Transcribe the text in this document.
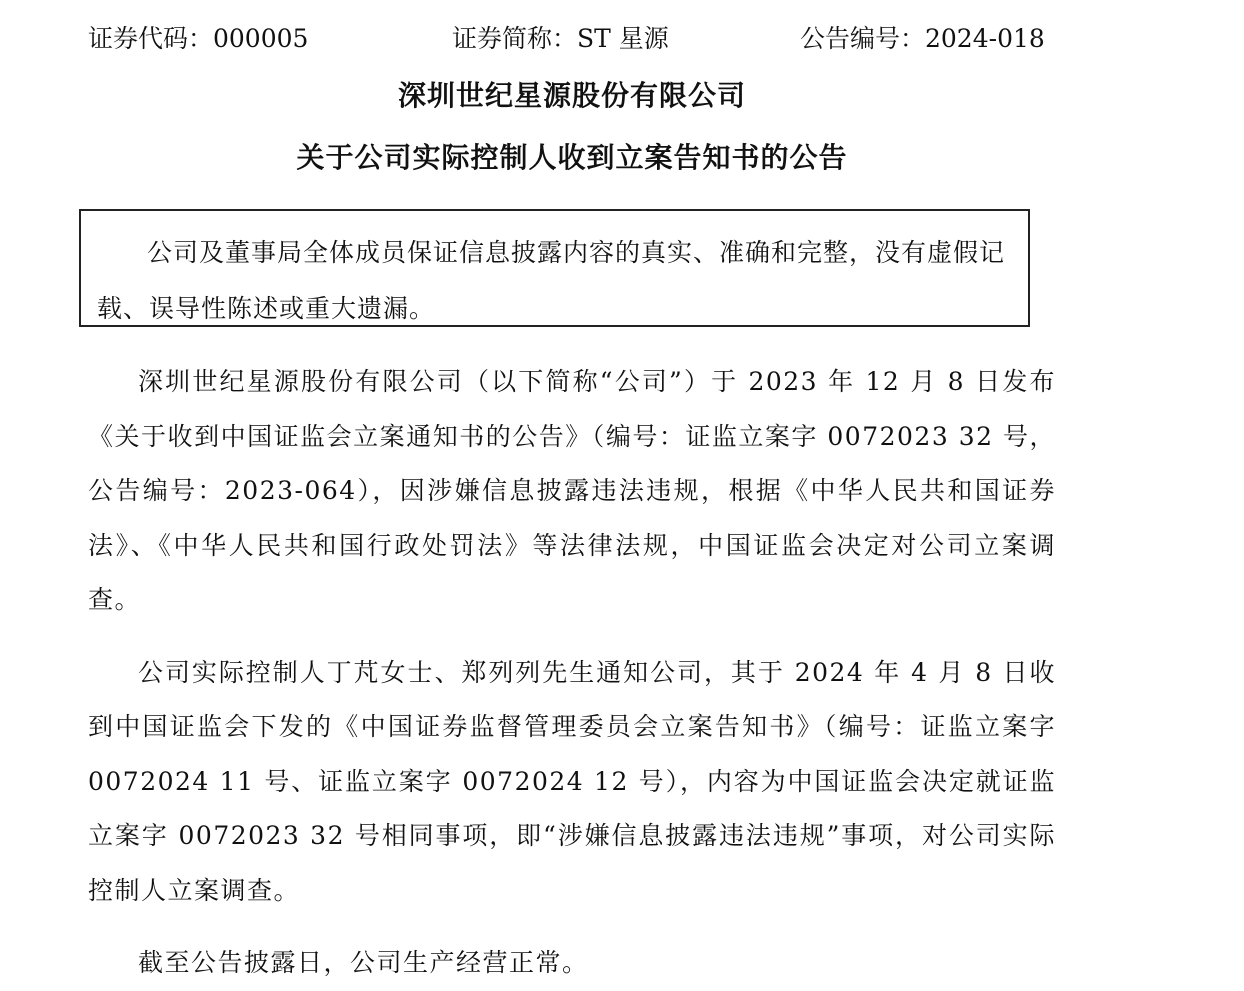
证券代码：000005	证券简称：ST 星源	公告编号：2024-018
深圳世纪星源股份有限公司
关于公司实际控制人收到立案告知书的公告

公司及董事局全体成员保证信息披露内容的真实、准确和完整，没有虚假记载、误导性陈述或重大遗漏。

深圳世纪星源股份有限公司（以下简称“公司”）于 2023 年 12 月 8 日发布《关于收到中国证监会立案通知书的公告》（编号：证监立案字 0072023 32 号，公告编号：2023-064），因涉嫌信息披露违法违规，根据《中华人民共和国证券法》、《中华人民共和国行政处罚法》等法律法规，中国证监会决定对公司立案调查。

公司实际控制人丁芃女士、郑列列先生通知公司，其于 2024 年 4 月 8 日收到中国证监会下发的《中国证券监督管理委员会立案告知书》（编号：证监立案字 0072024 11 号、证监立案字 0072024 12 号），内容为中国证监会决定就证监立案字 0072023 32 号相同事项，即“涉嫌信息披露违法违规”事项，对公司实际控制人立案调查。

截至公告披露日，公司生产经营正常。
